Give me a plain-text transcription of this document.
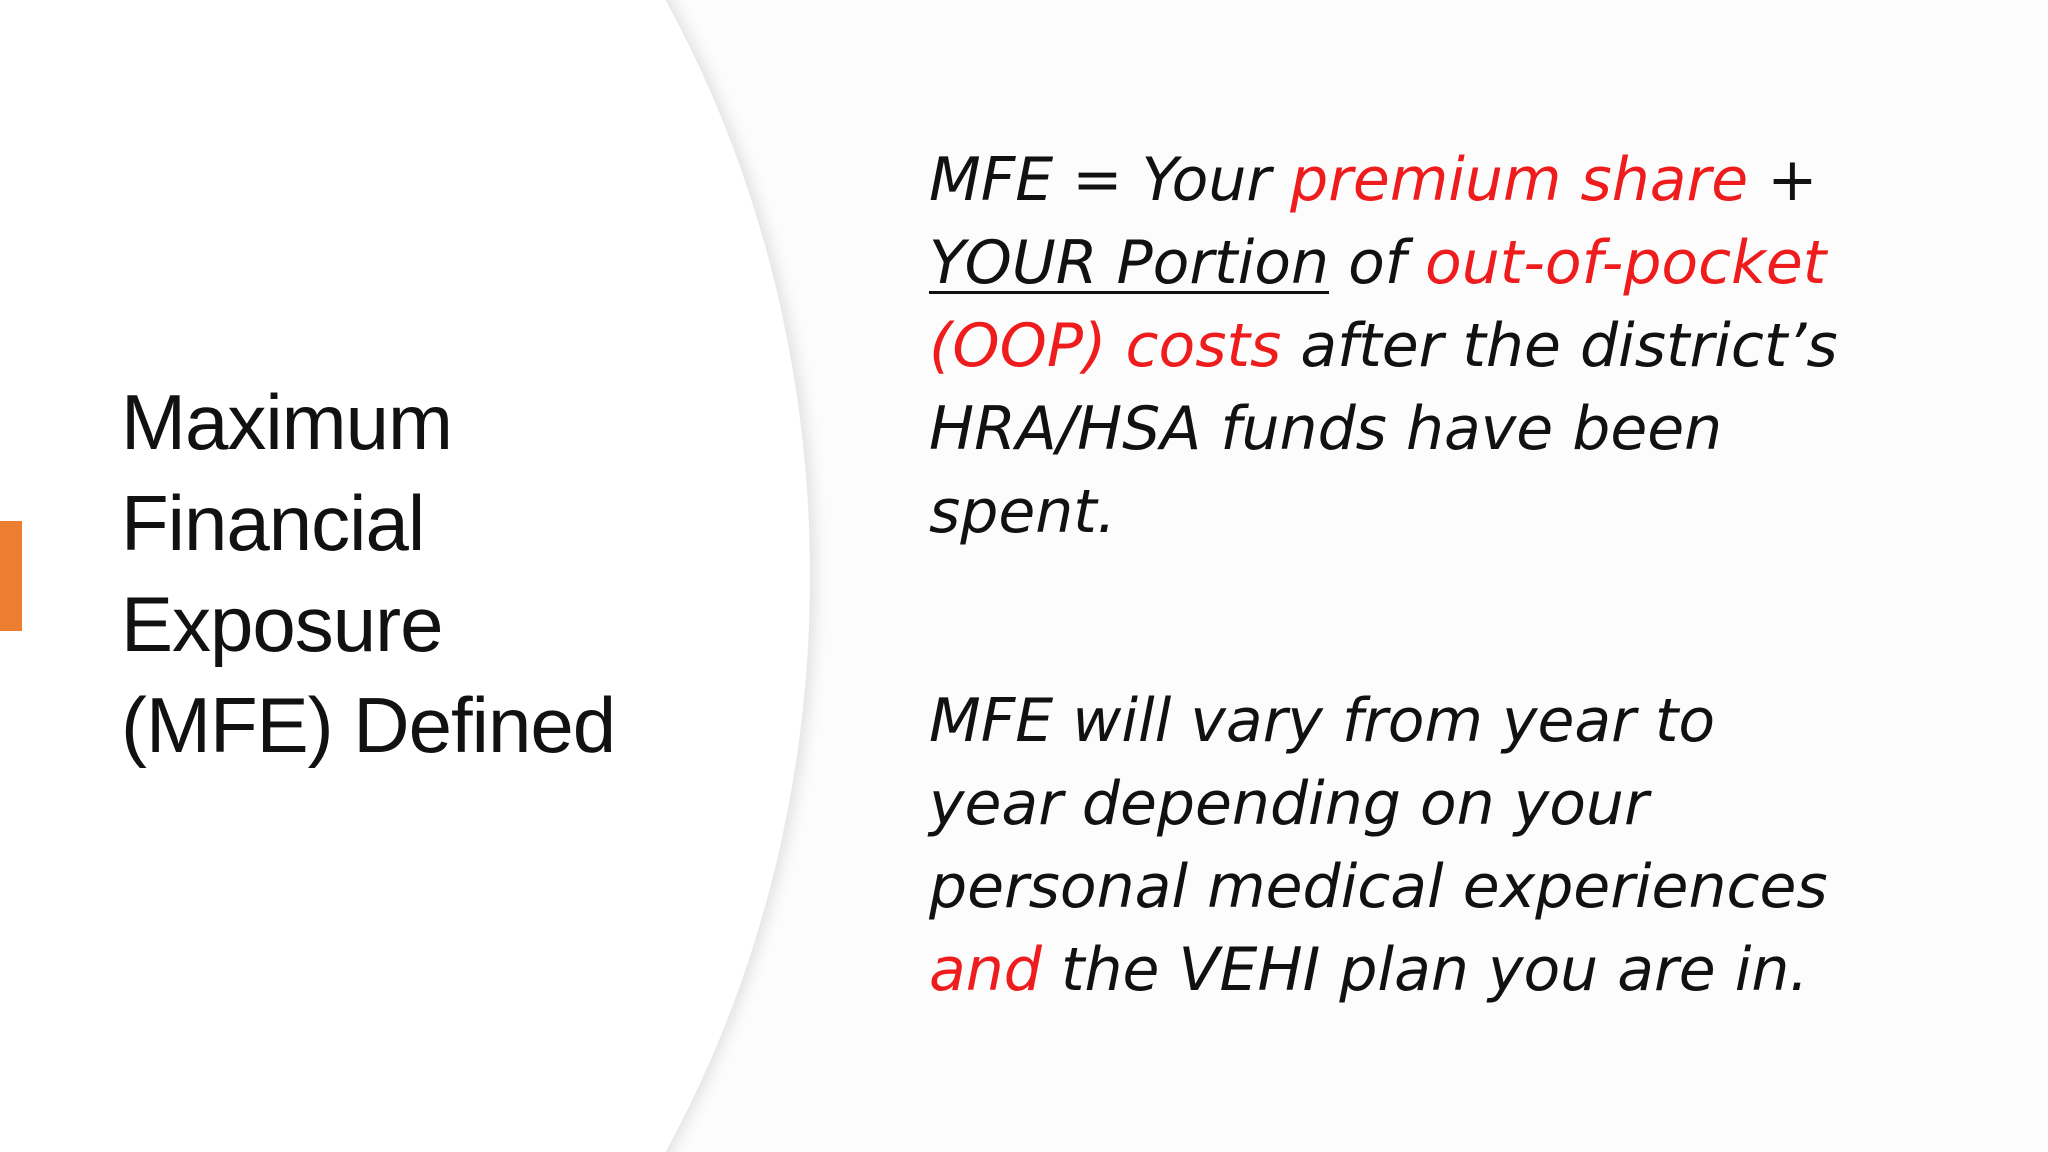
Maximum
Financial
Exposure
(MFE) Defined
MFE = Your premium share +
YOUR Portion of out-of-pocket
(OOP) costs after the district’s
HRA/HSA funds have been
spent.
MFE will vary from year to
year depending on your
personal medical experiences
and the VEHI plan you are in.
